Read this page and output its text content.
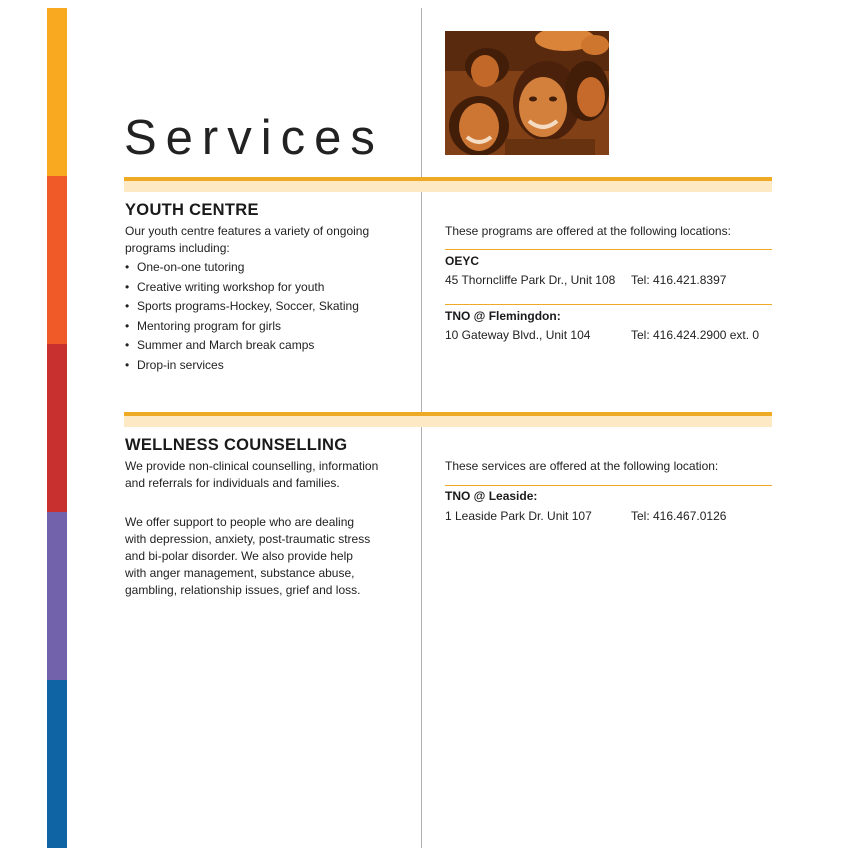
Services
YOUTH CENTRE

Our youth centre features a variety of ongoing
programs including:

• One-on-one tutoring
• Creative writing workshop for youth
• Sports programs-Hockey, Soccer, Skating
• Mentoring program for girls
• Summer and March break camps
• Drop-in services

These programs are offered at the following locations:

OEYC

45 Thorncliffe Park Dr., Unit 108 Tel: 416.421.8397

TNO @ Flemingdon:

10 Gateway Blvd., Unit 104	Tel: 416.424.2900 ext. 0

WELLNESS COUNSELLING

We provide non-clinical counselling, information
and referrals for individuals and families.

We offer support to people who are dealing
with depression, anxiety, post-traumatic stress
and bi-polar disorder. We also provide help
with anger management, substance abuse,
gambling, relationship issues, grief and loss.

These services are offered at the following location:

TNO @ Leaside:

1 Leaside Park Dr. Unit 107	Tel: 416.467.0126
